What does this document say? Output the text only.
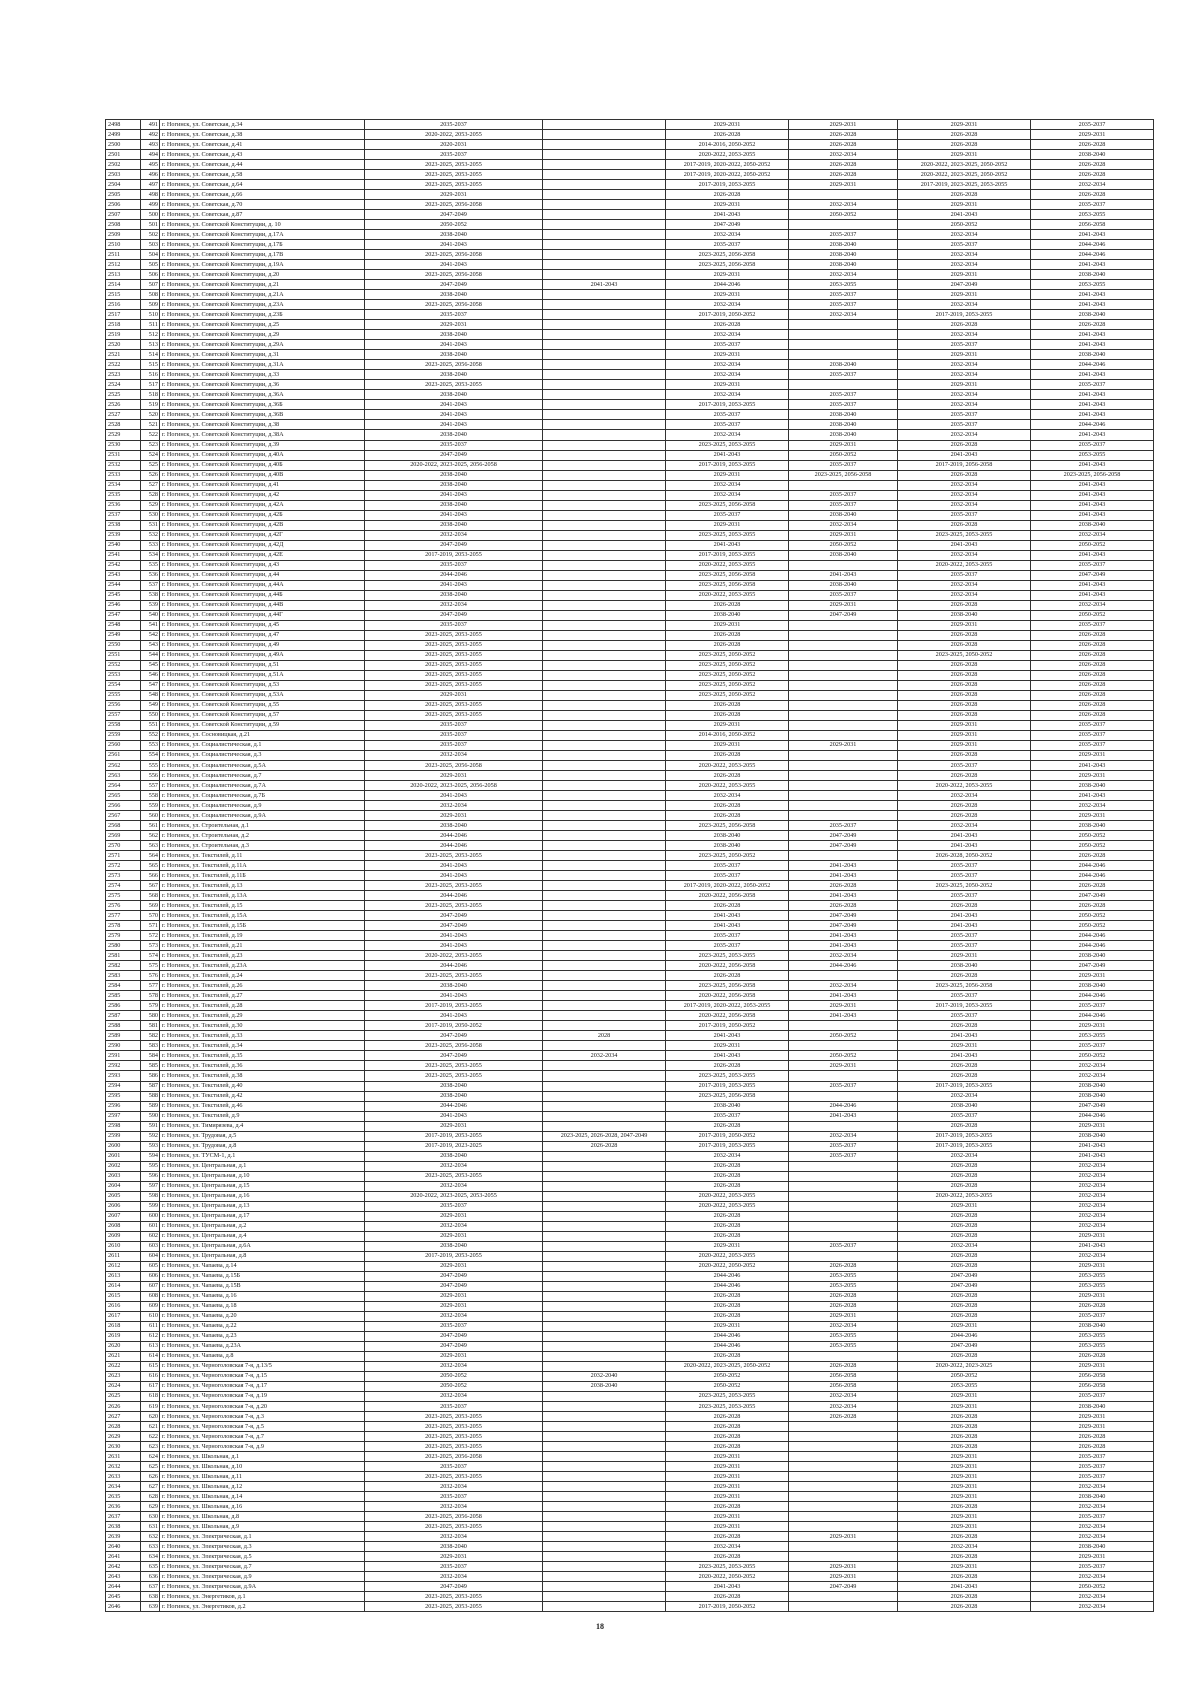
2498	491	г. Ногинск, ул. Советская, д.34	2035-2037		2029-2031	2029-2031	2029-2031	2035-2037
2499	492	г. Ногинск, ул. Советская, д.38	2020-2022, 2053-2055		2026-2028	2026-2028	2026-2028	2029-2031
2500	493	г. Ногинск, ул. Советская, д.41	2020-2031		2014-2016, 2050-2052	2026-2028	2026-2028	2026-2028
2501	494	г. Ногинск, ул. Советская, д.43	2035-2037		2020-2022, 2053-2055	2032-2034	2029-2031	2038-2040
2502	495	г. Ногинск, ул. Советская, д.44	2023-2025, 2053-2055		2017-2019, 2020-2022, 2050-2052	2026-2028	2020-2022, 2023-2025, 2050-2052	2026-2028
2503	496	г. Ногинск, ул. Советская, д.58	2023-2025, 2053-2055		2017-2019, 2020-2022, 2050-2052	2026-2028	2020-2022, 2023-2025, 2050-2052	2026-2028
2504	497	г. Ногинск, ул. Советская, д.64	2023-2025, 2053-2055		2017-2019, 2053-2055	2029-2031	2017-2019, 2023-2025, 2053-2055	2032-2034
2505	498	г. Ногинск, ул. Советская, д.66	2029-2031		2026-2028		2026-2028	2026-2028
2506	499	г. Ногинск, ул. Советская, д.70	2023-2025, 2056-2058		2029-2031	2032-2034	2029-2031	2035-2037
2507	500	г. Ногинск, ул. Советская, д.87	2047-2049		2041-2043	2050-2052	2041-2043	2053-2055
2508	501	г. Ногинск, ул. Советской Конституции, д. 10	2050-2052		2047-2049		2050-2052	2056-2058
2509	502	г. Ногинск, ул. Советской Конституции, д.17А	2038-2040		2032-2034	2035-2037	2032-2034	2041-2043
2510	503	г. Ногинск, ул. Советской Конституции, д.17Б	2041-2043		2035-2037	2038-2040	2035-2037	2044-2046
2511	504	г. Ногинск, ул. Советской Конституции, д.17В	2023-2025, 2056-2058		2023-2025, 2056-2058	2038-2040	2032-2034	2044-2046
2512	505	г. Ногинск, ул. Советской Конституции, д.19А	2041-2043		2023-2025, 2056-2058	2038-2040	2032-2034	2041-2043
2513	506	г. Ногинск, ул. Советской Конституции, д.20	2023-2025, 2056-2058		2029-2031	2032-2034	2029-2031	2038-2040
2514	507	г. Ногинск, ул. Советской Конституции, д.21	2047-2049	2041-2043	2044-2046	2053-2055	2047-2049	2053-2055
2515	508	г. Ногинск, ул. Советской Конституции, д.21А	2038-2040		2029-2031	2035-2037	2029-2031	2041-2043
2516	509	г. Ногинск, ул. Советской Конституции, д.23А	2023-2025, 2056-2058		2032-2034	2035-2037	2032-2034	2041-2043
2517	510	г. Ногинск, ул. Советской Конституции, д.23Б	2035-2037		2017-2019, 2050-2052	2032-2034	2017-2019, 2053-2055	2038-2040
2518	511	г. Ногинск, ул. Советской Конституции, д.25	2029-2031		2026-2028		2026-2028	2026-2028
2519	512	г. Ногинск, ул. Советской Конституции, д.29	2038-2040		2032-2034		2032-2034	2041-2043
2520	513	г. Ногинск, ул. Советской Конституции, д.29А	2041-2043		2035-2037		2035-2037	2041-2043
2521	514	г. Ногинск, ул. Советской Конституции, д.31	2038-2040		2029-2031		2029-2031	2038-2040
2522	515	г. Ногинск, ул. Советской Конституции, д.31А	2023-2025, 2056-2058		2032-2034	2038-2040	2032-2034	2044-2046
2523	516	г. Ногинск, ул. Советской Конституции, д.33	2038-2040		2032-2034	2035-2037	2032-2034	2041-2043
2524	517	г. Ногинск, ул. Советской Конституции, д.36	2023-2025, 2053-2055		2029-2031		2029-2031	2035-2037
2525	518	г. Ногинск, ул. Советской Конституции, д.36А	2038-2040		2032-2034	2035-2037	2032-2034	2041-2043
2526	519	г. Ногинск, ул. Советской Конституции, д.36Б	2041-2043		2017-2019, 2053-2055	2035-2037	2032-2034	2041-2043
2527	520	г. Ногинск, ул. Советской Конституции, д.36В	2041-2043		2035-2037	2038-2040	2035-2037	2041-2043
2528	521	г. Ногинск, ул. Советской Конституции, д.38	2041-2043		2035-2037	2038-2040	2035-2037	2044-2046
2529	522	г. Ногинск, ул. Советской Конституции, д.38А	2038-2040		2032-2034	2038-2040	2032-2034	2041-2043
2530	523	г. Ногинск, ул. Советской Конституции, д.39	2035-2037		2023-2025, 2053-2055	2029-2031	2026-2028	2035-2037
2531	524	г. Ногинск, ул. Советской Конституции, д.40А	2047-2049		2041-2043	2050-2052	2041-2043	2053-2055
2532	525	г. Ногинск, ул. Советской Конституции, д.40Б	2020-2022, 2023-2025, 2056-2058		2017-2019, 2053-2055	2035-2037	2017-2019, 2056-2058	2041-2043
2533	526	г. Ногинск, ул. Советской Конституции, д.40В	2038-2040		2029-2031	2023-2025, 2056-2058	2026-2028	2023-2025, 2056-2058
2534	527	г. Ногинск, ул. Советской Конституции, д.41	2038-2040		2032-2034		2032-2034	2041-2043
2535	528	г. Ногинск, ул. Советской Конституции, д.42	2041-2043		2032-2034	2035-2037	2032-2034	2041-2043
2536	529	г. Ногинск, ул. Советской Конституции, д.42А	2038-2040		2023-2025, 2056-2058	2035-2037	2032-2034	2041-2043
2537	530	г. Ногинск, ул. Советской Конституции, д.42Б	2041-2043		2035-2037	2038-2040	2035-2037	2041-2043
2538	531	г. Ногинск, ул. Советской Конституции, д.42В	2038-2040		2029-2031	2032-2034	2026-2028	2038-2040
2539	532	г. Ногинск, ул. Советской Конституции, д.42Г	2032-2034		2023-2025, 2053-2055	2029-2031	2023-2025, 2053-2055	2032-2034
2540	533	г. Ногинск, ул. Советской Конституции, д.42Д	2047-2049		2041-2043	2050-2052	2041-2043	2050-2052
2541	534	г. Ногинск, ул. Советской Конституции, д.42Е	2017-2019, 2053-2055		2017-2019, 2053-2055	2038-2040	2032-2034	2041-2043
2542	535	г. Ногинск, ул. Советской Конституции, д.43	2035-2037		2020-2022, 2053-2055		2020-2022, 2053-2055	2035-2037
2543	536	г. Ногинск, ул. Советской Конституции, д.44	2044-2046		2023-2025, 2056-2058	2041-2043	2035-2037	2047-2049
2544	537	г. Ногинск, ул. Советской Конституции, д.44А	2041-2043		2023-2025, 2056-2058	2038-2040	2032-2034	2041-2043
2545	538	г. Ногинск, ул. Советской Конституции, д.44Б	2038-2040		2020-2022, 2053-2055	2035-2037	2032-2034	2041-2043
2546	539	г. Ногинск, ул. Советской Конституции, д.44В	2032-2034		2026-2028	2029-2031	2026-2028	2032-2034
2547	540	г. Ногинск, ул. Советской Конституции, д.44Г	2047-2049		2038-2040	2047-2049	2038-2040	2050-2052
2548	541	г. Ногинск, ул. Советской Конституции, д.45	2035-2037		2029-2031		2029-2031	2035-2037
2549	542	г. Ногинск, ул. Советской Конституции, д.47	2023-2025, 2053-2055		2026-2028		2026-2028	2026-2028
2550	543	г. Ногинск, ул. Советской Конституции, д.49	2023-2025, 2053-2055		2026-2028		2026-2028	2026-2028
2551	544	г. Ногинск, ул. Советской Конституции, д.49А	2023-2025, 2053-2055		2023-2025, 2050-2052		2023-2025, 2050-2052	2026-2028
2552	545	г. Ногинск, ул. Советской Конституции, д.51	2023-2025, 2053-2055		2023-2025, 2050-2052		2026-2028	2026-2028
2553	546	г. Ногинск, ул. Советской Конституции, д.51А	2023-2025, 2053-2055		2023-2025, 2050-2052		2026-2028	2026-2028
2554	547	г. Ногинск, ул. Советской Конституции, д.53	2023-2025, 2053-2055		2023-2025, 2050-2052		2026-2028	2026-2028
2555	548	г. Ногинск, ул. Советской Конституции, д.53А	2029-2031		2023-2025, 2050-2052		2026-2028	2026-2028
2556	549	г. Ногинск, ул. Советской Конституции, д.55	2023-2025, 2053-2055		2026-2028		2026-2028	2026-2028
2557	550	г. Ногинск, ул. Советской Конституции, д.57	2023-2025, 2053-2055		2026-2028		2026-2028	2026-2028
2558	551	г. Ногинск, ул. Советской Конституции, д.59	2035-2037		2029-2031		2029-2031	2035-2037
2559	552	г. Ногинск, ул. Сосновицкая, д.21	2035-2037		2014-2016, 2050-2052		2029-2031	2035-2037
2560	553	г. Ногинск, ул. Социалистическая, д.1	2035-2037		2029-2031	2029-2031	2029-2031	2035-2037
2561	554	г. Ногинск, ул. Социалистическая, д.3	2032-2034		2026-2028		2026-2028	2029-2031
2562	555	г. Ногинск, ул. Социалистическая, д.5А	2023-2025, 2056-2058		2020-2022, 2053-2055		2035-2037	2041-2043
2563	556	г. Ногинск, ул. Социалистическая, д.7	2029-2031		2026-2028		2026-2028	2029-2031
2564	557	г. Ногинск, ул. Социалистическая, д.7А	2020-2022, 2023-2025, 2056-2058		2020-2022, 2053-2055		2020-2022, 2053-2055	2038-2040
2565	558	г. Ногинск, ул. Социалистическая, д.7Б	2041-2043		2032-2034		2032-2034	2041-2043
2566	559	г. Ногинск, ул. Социалистическая, д.9	2032-2034		2026-2028		2026-2028	2032-2034
2567	560	г. Ногинск, ул. Социалистическая, д.9А	2029-2031		2026-2028		2026-2028	2029-2031
2568	561	г. Ногинск, ул. Строительная, д.1	2038-2040		2023-2025, 2056-2058	2035-2037	2032-2034	2038-2040
2569	562	г. Ногинск, ул. Строительная, д.2	2044-2046		2038-2040	2047-2049	2041-2043	2050-2052
2570	563	г. Ногинск, ул. Строительная, д.3	2044-2046		2038-2040	2047-2049	2041-2043	2050-2052
2571	564	г. Ногинск, ул. Текстилей, д.11	2023-2025, 2053-2055		2023-2025, 2050-2052		2026-2028, 2050-2052	2026-2028
2572	565	г. Ногинск, ул. Текстилей, д.11А	2041-2043		2035-2037	2041-2043	2035-2037	2044-2046
2573	566	г. Ногинск, ул. Текстилей, д.11Б	2041-2043		2035-2037	2041-2043	2035-2037	2044-2046
2574	567	г. Ногинск, ул. Текстилей, д.13	2023-2025, 2053-2055		2017-2019, 2020-2022, 2050-2052	2026-2028	2023-2025, 2050-2052	2026-2028
2575	568	г. Ногинск, ул. Текстилей, д.13А	2044-2046		2020-2022, 2056-2058	2041-2043	2035-2037	2047-2049
2576	569	г. Ногинск, ул. Текстилей, д.15	2023-2025, 2053-2055		2026-2028	2026-2028	2026-2028	2026-2028
2577	570	г. Ногинск, ул. Текстилей, д.15А	2047-2049		2041-2043	2047-2049	2041-2043	2050-2052
2578	571	г. Ногинск, ул. Текстилей, д.15Б	2047-2049		2041-2043	2047-2049	2041-2043	2050-2052
2579	572	г. Ногинск, ул. Текстилей, д.19	2041-2043		2035-2037	2041-2043	2035-2037	2044-2046
2580	573	г. Ногинск, ул. Текстилей, д.21	2041-2043		2035-2037	2041-2043	2035-2037	2044-2046
2581	574	г. Ногинск, ул. Текстилей, д.23	2020-2022, 2053-2055		2023-2025, 2053-2055	2032-2034	2029-2031	2038-2040
2582	575	г. Ногинск, ул. Текстилей, д.23А	2044-2046		2020-2022, 2056-2058	2044-2046	2038-2040	2047-2049
2583	576	г. Ногинск, ул. Текстилей, д.24	2023-2025, 2053-2055		2026-2028		2026-2028	2029-2031
2584	577	г. Ногинск, ул. Текстилей, д.26	2038-2040		2023-2025, 2056-2058	2032-2034	2023-2025, 2056-2058	2038-2040
2585	578	г. Ногинск, ул. Текстилей, д.27	2041-2043		2020-2022, 2056-2058	2041-2043	2035-2037	2044-2046
2586	579	г. Ногинск, ул. Текстилей, д.28	2017-2019, 2053-2055		2017-2019, 2020-2022, 2053-2055	2029-2031	2017-2019, 2053-2055	2035-2037
2587	580	г. Ногинск, ул. Текстилей, д.29	2041-2043		2020-2022, 2056-2058	2041-2043	2035-2037	2044-2046
2588	581	г. Ногинск, ул. Текстилей, д.30	2017-2019, 2050-2052		2017-2019, 2050-2052		2026-2028	2029-2031
2589	582	г. Ногинск, ул. Текстилей, д.33	2047-2049	2028	2041-2043	2050-2052	2041-2043	2053-2055
2590	583	г. Ногинск, ул. Текстилей, д.34	2023-2025, 2056-2058		2029-2031		2029-2031	2035-2037
2591	584	г. Ногинск, ул. Текстилей, д.35	2047-2049	2032-2034	2041-2043	2050-2052	2041-2043	2050-2052
2592	585	г. Ногинск, ул. Текстилей, д.36	2023-2025, 2053-2055		2026-2028	2029-2031	2026-2028	2032-2034
2593	586	г. Ногинск, ул. Текстилей, д.38	2023-2025, 2053-2055		2023-2025, 2053-2055		2026-2028	2032-2034
2594	587	г. Ногинск, ул. Текстилей, д.40	2038-2040		2017-2019, 2053-2055	2035-2037	2017-2019, 2053-2055	2038-2040
2595	588	г. Ногинск, ул. Текстилей, д.42	2038-2040		2023-2025, 2056-2058		2032-2034	2038-2040
2596	589	г. Ногинск, ул. Текстилей, д.46	2044-2046		2038-2040	2044-2046	2038-2040	2047-2049
2597	590	г. Ногинск, ул. Текстилей, д.9	2041-2043		2035-2037	2041-2043	2035-2037	2044-2046
2598	591	г. Ногинск, ул. Тимирязева, д.4	2029-2031		2026-2028		2026-2028	2029-2031
2599	592	г. Ногинск, ул. Трудовая, д.5	2017-2019, 2053-2055	2023-2025, 2026-2028, 2047-2049	2017-2019, 2050-2052	2032-2034	2017-2019, 2053-2055	2038-2040
2600	593	г. Ногинск, ул. Трудовая, д.8	2017-2019, 2023-2025	2026-2028	2017-2019, 2053-2055	2035-2037	2017-2019, 2053-2055	2041-2043
2601	594	г. Ногинск, ул. ТУСМ-1, д.1	2038-2040		2032-2034	2035-2037	2032-2034	2041-2043
2602	595	г. Ногинск, ул. Центральная, д.1	2032-2034		2026-2028		2026-2028	2032-2034
2603	596	г. Ногинск, ул. Центральная, д.10	2023-2025, 2053-2055		2026-2028		2026-2028	2032-2034
2604	597	г. Ногинск, ул. Центральная, д.15	2032-2034		2026-2028		2026-2028	2032-2034
2605	598	г. Ногинск, ул. Центральная, д.16	2020-2022, 2023-2025, 2053-2055		2020-2022, 2053-2055		2020-2022, 2053-2055	2032-2034
2606	599	г. Ногинск, ул. Центральная, д.13	2035-2037		2020-2022, 2053-2055		2029-2031	2032-2034
2607	600	г. Ногинск, ул. Центральная, д.17	2029-2031		2026-2028		2026-2028	2032-2034
2608	601	г. Ногинск, ул. Центральная, д.2	2032-2034		2026-2028		2026-2028	2032-2034
2609	602	г. Ногинск, ул. Центральная, д.4	2029-2031		2026-2028		2026-2028	2029-2031
2610	603	г. Ногинск, ул. Центральная, д.6А	2038-2040		2029-2031	2035-2037	2032-2034	2041-2043
2611	604	г. Ногинск, ул. Центральная, д.8	2017-2019, 2053-2055		2020-2022, 2053-2055		2026-2028	2032-2034
2612	605	г. Ногинск, ул. Чапаева, д.14	2029-2031		2020-2022, 2050-2052	2026-2028	2026-2028	2029-2031
2613	606	г. Ногинск, ул. Чапаева, д.15Б	2047-2049		2044-2046	2053-2055	2047-2049	2053-2055
2614	607	г. Ногинск, ул. Чапаева, д.15В	2047-2049		2044-2046	2053-2055	2047-2049	2053-2055
2615	608	г. Ногинск, ул. Чапаева, д.16	2029-2031		2026-2028	2026-2028	2026-2028	2029-2031
2616	609	г. Ногинск, ул. Чапаева, д.18	2029-2031		2026-2028	2026-2028	2026-2028	2026-2028
2617	610	г. Ногинск, ул. Чапаева, д.20	2032-2034		2026-2028	2029-2031	2026-2028	2035-2037
2618	611	г. Ногинск, ул. Чапаева, д.22	2035-2037		2029-2031	2032-2034	2029-2031	2038-2040
2619	612	г. Ногинск, ул. Чапаева, д.23	2047-2049		2044-2046	2053-2055	2044-2046	2053-2055
2620	613	г. Ногинск, ул. Чапаева, д.23А	2047-2049		2044-2046	2053-2055	2047-2049	2053-2055
2621	614	г. Ногинск, ул. Чапаева, д.8	2029-2031		2026-2028		2026-2028	2026-2028
2622	615	г. Ногинск, ул. Черноголовская 7-я, д.13/5	2032-2034		2020-2022, 2023-2025, 2050-2052	2026-2028	2020-2022, 2023-2025	2029-2031
2623	616	г. Ногинск, ул. Черноголовская 7-я, д.15	2050-2052	2032-2040	2050-2052	2056-2058	2050-2052	2056-2058
2624	617	г. Ногинск, ул. Черноголовская 7-я, д.17	2050-2052	2038-2040	2050-2052	2056-2058	2053-2055	2056-2058
2625	618	г. Ногинск, ул. Черноголовская 7-я, д.19	2032-2034		2023-2025, 2053-2055	2032-2034	2029-2031	2035-2037
2626	619	г. Ногинск, ул. Черноголовская 7-я, д.20	2035-2037		2023-2025, 2053-2055	2032-2034	2029-2031	2038-2040
2627	620	г. Ногинск, ул. Черноголовская 7-я, д.3	2023-2025, 2053-2055		2026-2028	2026-2028	2026-2028	2029-2031
2628	621	г. Ногинск, ул. Черноголовская 7-я, д.5	2023-2025, 2053-2055		2026-2028		2026-2028	2029-2031
2629	622	г. Ногинск, ул. Черноголовская 7-я, д.7	2023-2025, 2053-2055		2026-2028		2026-2028	2026-2028
2630	623	г. Ногинск, ул. Черноголовская 7-я, д.9	2023-2025, 2053-2055		2026-2028		2026-2028	2026-2028
2631	624	г. Ногинск, ул. Школьная, д.1	2023-2025, 2056-2058		2029-2031		2029-2031	2035-2037
2632	625	г. Ногинск, ул. Школьная, д.10	2035-2037		2029-2031		2029-2031	2035-2037
2633	626	г. Ногинск, ул. Школьная, д.11	2023-2025, 2053-2055		2029-2031		2029-2031	2035-2037
2634	627	г. Ногинск, ул. Школьная, д.12	2032-2034		2029-2031		2029-2031	2032-2034
2635	628	г. Ногинск, ул. Школьная, д.14	2035-2037		2029-2031		2029-2031	2038-2040
2636	629	г. Ногинск, ул. Школьная, д.16	2032-2034		2026-2028		2026-2028	2032-2034
2637	630	г. Ногинск, ул. Школьная, д.8	2023-2025, 2056-2058		2029-2031		2029-2031	2035-2037
2638	631	г. Ногинск, ул. Школьная, д.9	2023-2025, 2053-2055		2029-2031		2029-2031	2032-2034
2639	632	г. Ногинск, ул. Электрическая, д.1	2032-2034		2026-2028	2029-2031	2026-2028	2032-2034
2640	633	г. Ногинск, ул. Электрическая, д.3	2038-2040		2032-2034		2032-2034	2038-2040
2641	634	г. Ногинск, ул. Электрическая, д.5	2029-2031		2026-2028		2026-2028	2029-2031
2642	635	г. Ногинск, ул. Электрическая, д.7	2035-2037		2023-2025, 2053-2055	2029-2031	2029-2031	2035-2037
2643	636	г. Ногинск, ул. Электрическая, д.9	2032-2034		2020-2022, 2050-2052	2029-2031	2026-2028	2032-2034
2644	637	г. Ногинск, ул. Электрическая, д.9А	2047-2049		2041-2043	2047-2049	2041-2043	2050-2052
2645	638	г. Ногинск, ул. Энергетиков, д.1	2023-2025, 2053-2055		2026-2028		2026-2028	2032-2034
2646	639	г. Ногинск, ул. Энергетиков, д.2	2023-2025, 2053-2055		2017-2019, 2050-2052		2026-2028	2032-2034
18
